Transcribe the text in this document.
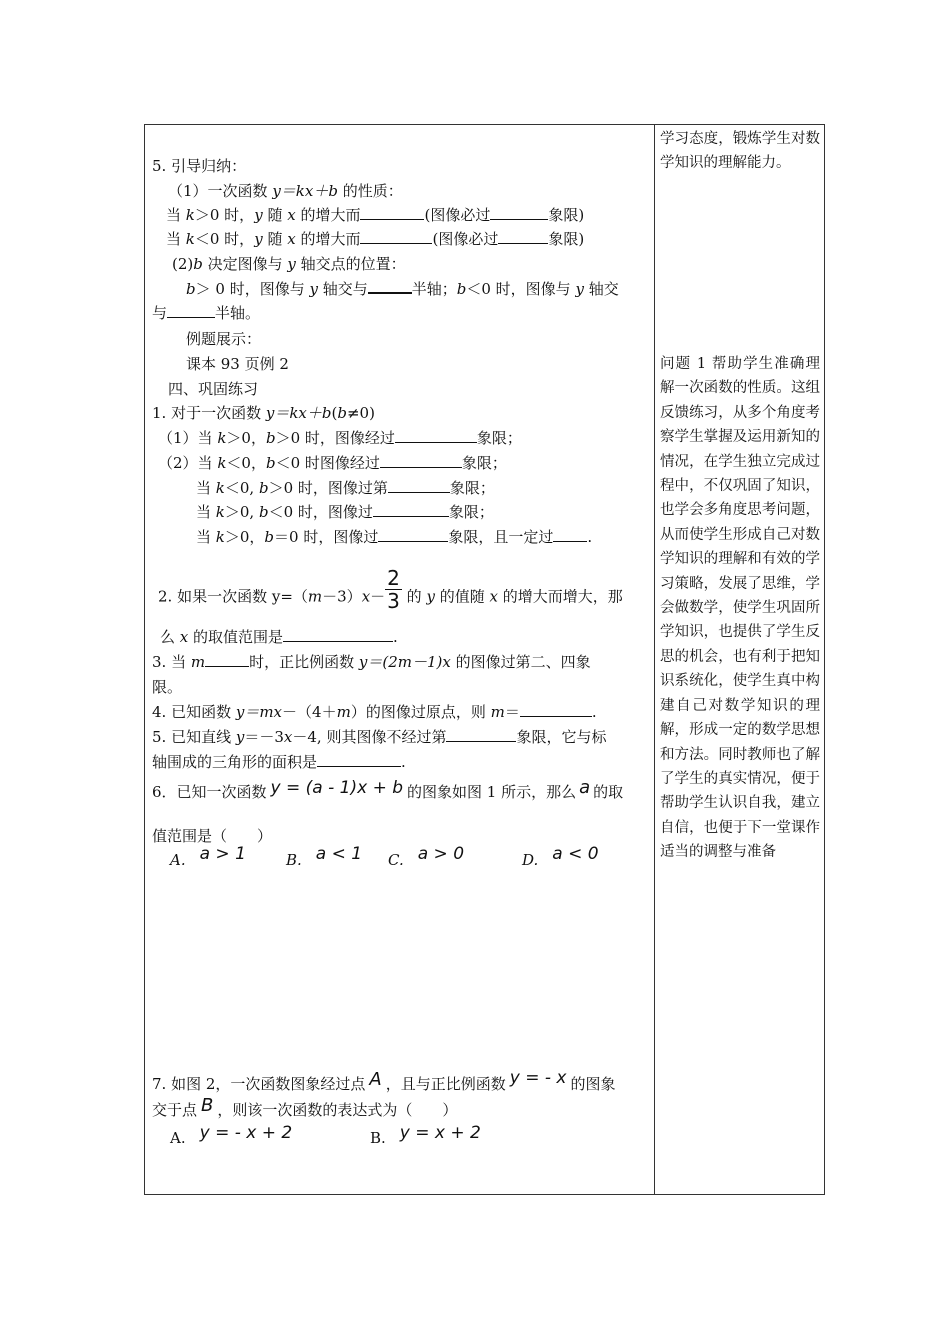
学习态度，锻炼学生对数学知识的理解能力。
问题 1 帮助学生准确理解一次函数的性质。这组反馈练习，从多个角度考察学生掌握及运用新知的情况，在学生独立完成过程中，不仅巩固了知识，也学会多角度思考问题，从而使学生形成自己对数学知识的理解和有效的学习策略，发展了思维，学会做数学，使学生巩固所学知识，也提供了学生反思的机会，也有利于把知识系统化，使学生真中构建自己对数学知识的理解，形成一定的数学思想和方法。同时教师也了解了学生的真实情况，便于帮助学生认识自我，建立自信，也便于下一堂课作适当的调整与准备
5. 引导归纳：
（1）一次函数 y＝kx＋b 的性质：
当 k＞0 时，y 随 x 的增大而	(图像必过	象限)
当 k＜0 时，y 随 x 的增大而	(图像必过	象限)
(2)b 决定图像与 y 轴交点的位置：
b＞ 0 时，图像与 y 轴交与	半轴；b＜0 时，图像与 y 轴交
与	半轴。
例题展示：
课本 93 页例 2
四、巩固练习
1. 对于一次函数 y＝kx＋b(b≠0)
（1）当 k＞0，b＞0 时，图像经过	象限；
（2）当 k＜0，b＜0 时图像经过	象限；
当 k＜0, b＞0 时，图像过第	象限；
当 k＞0, b＜0 时，图像过	象限；
当 k＞0，b＝0 时，图像过	象限，且一定过 .
2. 如果一次函数 $y=(m-3)x- \frac{2}{3}$ 的 y 的值随 x 的增大而增大，那
么 x 的取值范围是	.
3. 当 m	时，正比例函数 y＝(2m－1)x 的图像过第二、四象
限。
4. 已知函数 y＝mx－（4＋m）的图像过原点，则 m＝	.
5. 已知直线 y＝－3x－4, 则其图像不经过第	象限，它与标
轴围成的三角形的面积是	.
6．已知一次函数 y = (a - 1)x + b 的图象如图 1 所示，那么 a 的取
值范围是（　　）
A. a > 1	B. a < 1 C. a > 0	D. a < 0
7. 如图 2，一次函数图象经过点 A ，且与正比例函数 y = - x 的图象
交于点 B ，则该一次函数的表达式为（　　）
A. y = - x + 2	B. y = x + 2
